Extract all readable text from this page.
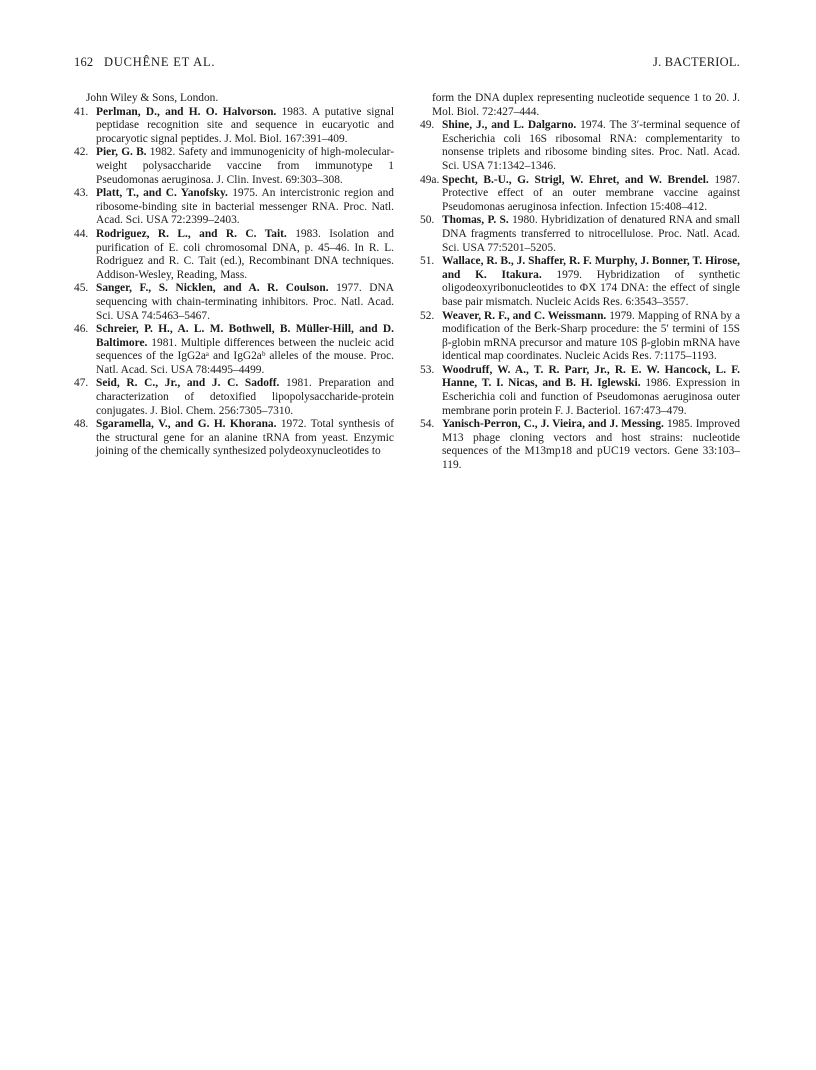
162 DUCHÊNE ET AL.	J. BACTERIOL.

John Wiley & Sons, London.

41. Perlman, D., and H. O. Halvorson. 1983. A putative signal peptidase recognition site and sequence in eucaryotic and procaryotic signal peptides. J. Mol. Biol. 167:391–409.

42. Pier, G. B. 1982. Safety and immunogenicity of high-molecular-weight polysaccharide vaccine from immunotype 1 Pseudomonas aeruginosa. J. Clin. Invest. 69:303–308.

43. Platt, T., and C. Yanofsky. 1975. An intercistronic region and ribosome-binding site in bacterial messenger RNA. Proc. Natl. Acad. Sci. USA 72:2399–2403.

44. Rodriguez, R. L., and R. C. Tait. 1983. Isolation and purification of E. coli chromosomal DNA, p. 45–46. In R. L. Rodriguez and R. C. Tait (ed.), Recombinant DNA techniques. Addison-Wesley, Reading, Mass.

45. Sanger, F., S. Nicklen, and A. R. Coulson. 1977. DNA sequencing with chain-terminating inhibitors. Proc. Natl. Acad. Sci. USA 74:5463–5467.

46. Schreier, P. H., A. L. M. Bothwell, B. Müller-Hill, and D. Baltimore. 1981. Multiple differences between the nucleic acid sequences of the IgG2aᵃ and IgG2aᵇ alleles of the mouse. Proc. Natl. Acad. Sci. USA 78:4495–4499.

47. Seid, R. C., Jr., and J. C. Sadoff. 1981. Preparation and characterization of detoxified lipopolysaccharide-protein conjugates. J. Biol. Chem. 256:7305–7310.

48. Sgaramella, V., and G. H. Khorana. 1972. Total synthesis of the structural gene for an alanine tRNA from yeast. Enzymic joining of the chemically synthesized polydeoxynucleotides to

form the DNA duplex representing nucleotide sequence 1 to 20. J. Mol. Biol. 72:427–444.

49. Shine, J., and L. Dalgarno. 1974. The 3′-terminal sequence of Escherichia coli 16S ribosomal RNA: complementarity to nonsense triplets and ribosome binding sites. Proc. Natl. Acad. Sci. USA 71:1342–1346.

49a. Specht, B.-U., G. Strigl, W. Ehret, and W. Brendel. 1987. Protective effect of an outer membrane vaccine against Pseudomonas aeruginosa infection. Infection 15:408–412.

50. Thomas, P. S. 1980. Hybridization of denatured RNA and small DNA fragments transferred to nitrocellulose. Proc. Natl. Acad. Sci. USA 77:5201–5205.

51. Wallace, R. B., J. Shaffer, R. F. Murphy, J. Bonner, T. Hirose, and K. Itakura. 1979. Hybridization of synthetic oligodeoxyribonucleotides to ΦX 174 DNA: the effect of single base pair mismatch. Nucleic Acids Res. 6:3543–3557.

52. Weaver, R. F., and C. Weissmann. 1979. Mapping of RNA by a modification of the Berk-Sharp procedure: the 5′ termini of 15S β-globin mRNA precursor and mature 10S β-globin mRNA have identical map coordinates. Nucleic Acids Res. 7:1175–1193.

53. Woodruff, W. A., T. R. Parr, Jr., R. E. W. Hancock, L. F. Hanne, T. I. Nicas, and B. H. Iglewski. 1986. Expression in Escherichia coli and function of Pseudomonas aeruginosa outer membrane porin protein F. J. Bacteriol. 167:473–479.

54. Yanisch-Perron, C., J. Vieira, and J. Messing. 1985. Improved M13 phage cloning vectors and host strains: nucleotide sequences of the M13mp18 and pUC19 vectors. Gene 33:103–119.
